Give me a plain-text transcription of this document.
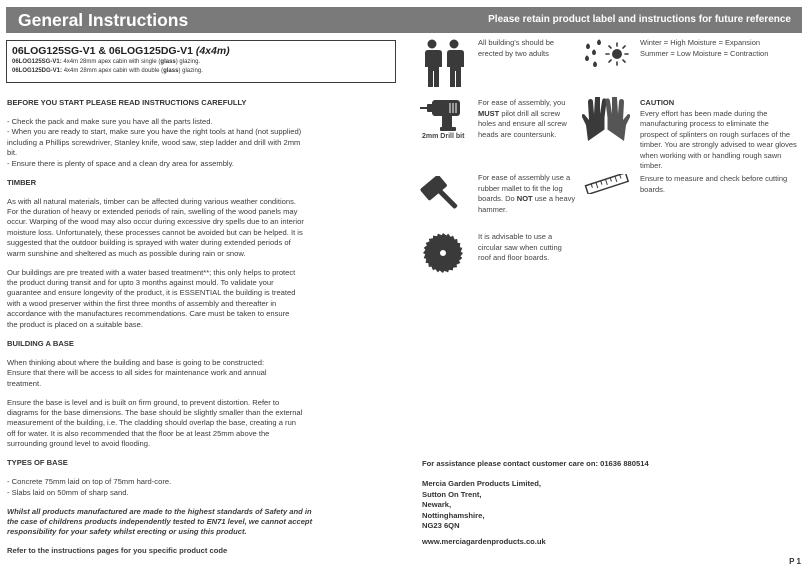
General Instructions	Please retain product label and instructions for future reference
06LOG125SG-V1 & 06LOG125DG-V1 (4x4m)
06LOG125SG-V1: 4x4m 28mm apex cabin with single (glass) glazing.
06LOG125DG-V1: 4x4m 28mm apex cabin with double (glass) glazing.

BEFORE YOU START PLEASE READ INSTRUCTIONS CAREFULLY

- Check the pack and make sure you have all the parts listed.

- When you are ready to start, make sure you have the right tools at hand (not supplied)

including a Phillips screwdriver, Stanley knife, wood saw, step ladder and drill with 2mm

bit.

- Ensure there is plenty of space and a clean dry area for assembly.

TIMBER

As with all natural materials, timber can be affected during various weather conditions.

For the duration of heavy or extended periods of rain, swelling of the wood panels may

occur. Warping of the wood may also occur during excessive dry spells due to an interior

moisture loss. Unfortunately, these processes cannot be avoided but can be helped. It is

suggested that the outdoor building is sprayed with water during extended periods of

warm sunshine and sheltered as much as possible during rain or snow.

Our buildings are pre treated with a water based treatment**; this only helps to protect

the product during transit and for upto 3 months against mould. To validate your

guarantee and ensure longevity of the product, it is ESSENTIAL the building is treated

with a wood preserver within the first three months of assembly and thereafter in

accordance with the manufactures recommendations. Care must be taken to ensure

the product is placed on a suitable base.

BUILDING A BASE

When thinking about where the building and base is going to be constructed:

Ensure that there will be access to all sides for maintenance work and annual

treatment.

Ensure the base is level and is built on firm ground, to prevent distortion. Refer to

diagrams for the base dimensions. The base should be slightly smaller than the external

measurement of the building, i.e. The cladding should overlap the base, creating a run

off for water. It is also recommended that the floor be at least 25mm above the

surrounding ground level to avoid flooding.

TYPES OF BASE

- Concrete 75mm laid on top of 75mm hard-core.

- Slabs laid on 50mm of sharp sand.

Whilst all products manufactured are made to the highest standards of Safety and in

the case of childrens products independently tested to EN71 level, we cannot accept

responsibility for your safety whilst erecting or using this product.

Refer to the instructions pages for you specific product code

All building's should be
erected by two adults
2mm Drill bit
For ease of assembly, you
MUST pilot drill all screw
holes and ensure all screw
heads are countersunk.
For ease of assembly use a
rubber mallet to fit the log
boards. Do NOT use a heavy
hammer.
It is advisable to use a
circular saw when cutting
roof and floor boards.
Winter = High Moisture = Expansion
Summer = Low Moisture = Contraction
CAUTION
Every effort has been made during the
manufacturing process to eliminate the
prospect of splinters on rough surfaces of the
timber. You are strongly advised to wear gloves
when working with or handling rough sawn
timber.
Ensure to measure and check before cutting
boards.
For assistance please contact customer care on: 01636 880514
Mercia Garden Products Limited,
Sutton On Trent,
Newark,
Nottinghamshire,
NG23 6QN
www.merciagardenproducts.co.uk
P 1
